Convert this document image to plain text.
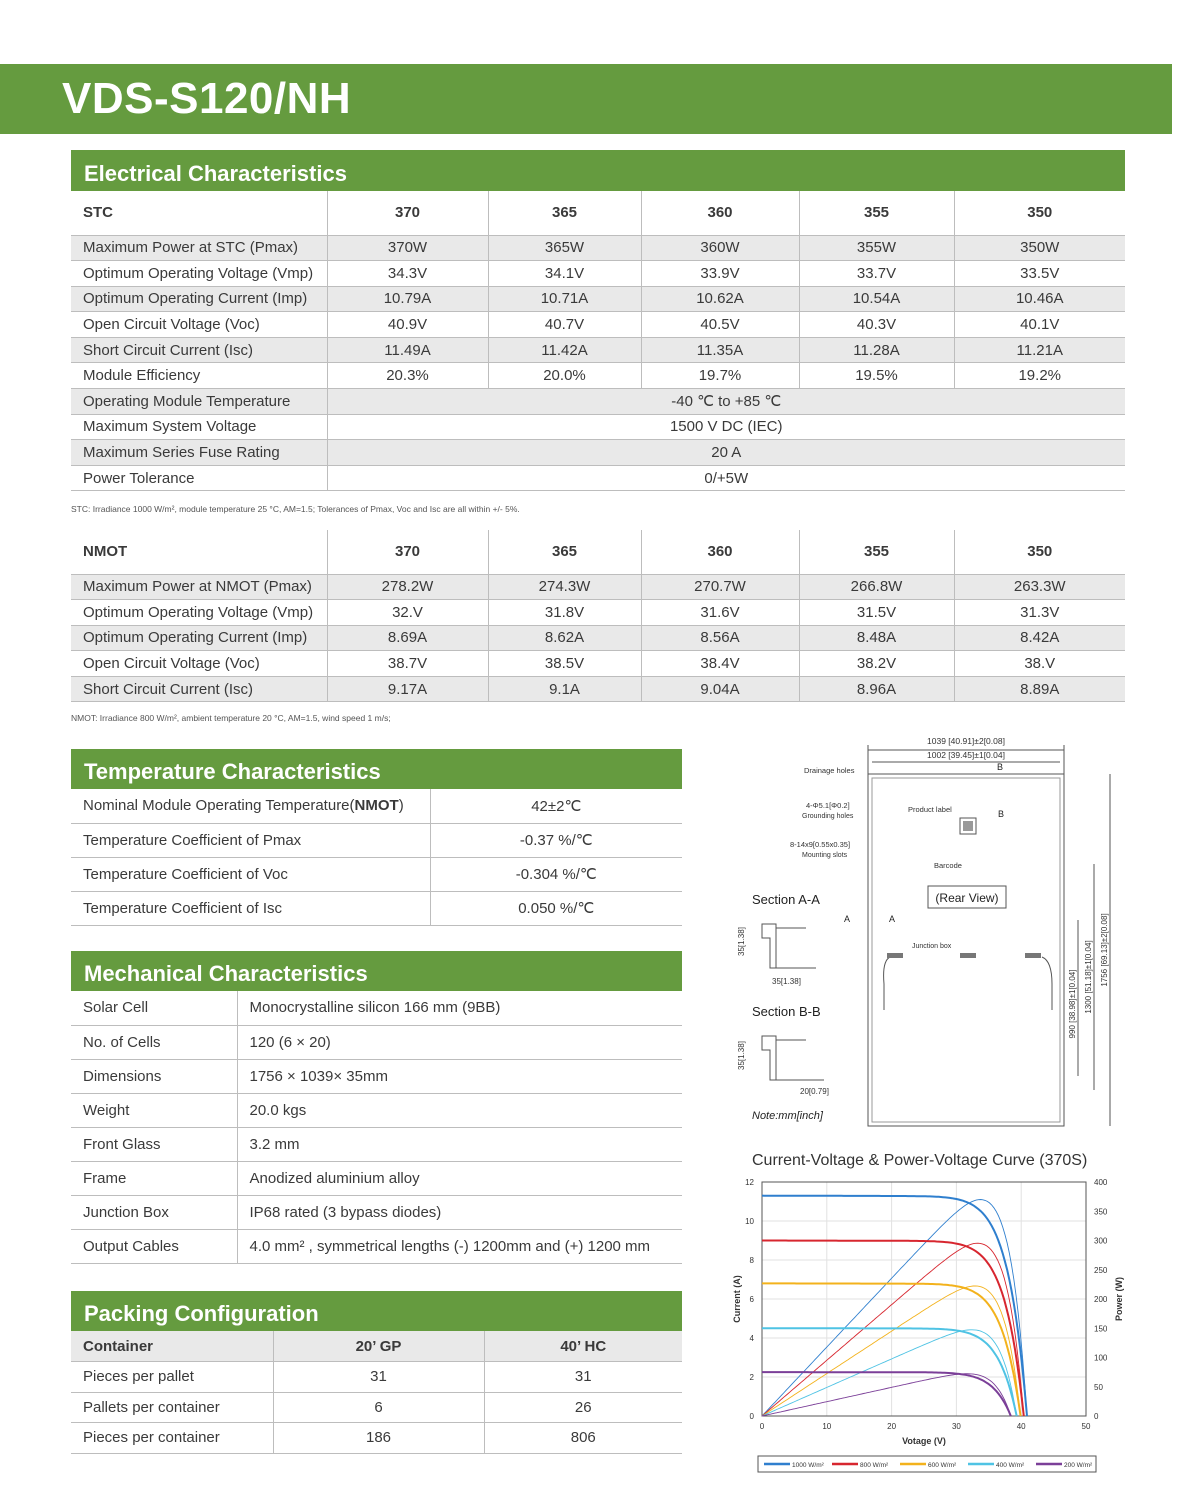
VDS-S120/NH
Electrical Characteristics
STC	370	365	360	355	350
Maximum Power at STC (Pmax)	370W	365W	360W	355W	350W
Optimum Operating Voltage (Vmp)	34.3V	34.1V	33.9V	33.7V	33.5V
Optimum Operating Current (Imp)	10.79A	10.71A	10.62A	10.54A	10.46A
Open Circuit Voltage (Voc)	40.9V	40.7V	40.5V	40.3V	40.1V
Short Circuit Current (Isc)	11.49A	11.42A	11.35A	11.28A	11.21A
Module Efficiency	20.3%	20.0%	19.7%	19.5%	19.2%
Operating Module Temperature	-40 ℃ to +85 ℃				
Maximum System Voltage	1500 V DC (IEC)				
Maximum Series Fuse Rating	20 A				
Power Tolerance	0/+5W				
STC: Irradiance 1000 W/m², module temperature 25 °C, AM=1.5; Tolerances of Pmax, Voc and Isc are all within +/- 5%.
NMOT	370	365	360	355	350
Maximum Power at NMOT (Pmax)	278.2W	274.3W	270.7W	266.8W	263.3W
Optimum Operating Voltage (Vmp)	32.V	31.8V	31.6V	31.5V	31.3V
Optimum Operating Current (Imp)	8.69A	8.62A	8.56A	8.48A	8.42A
Open Circuit Voltage (Voc)	38.7V	38.5V	38.4V	38.2V	38.V
Short Circuit Current (Isc)	9.17A	9.1A	9.04A	8.96A	8.89A
NMOT: Irradiance 800 W/m², ambient temperature 20 °C, AM=1.5, wind speed 1 m/s;
Temperature Characteristics
Nominal Module Operating Temperature(NMOT)	42±2℃
Temperature Coefficient of Pmax	-0.37 %/℃
Temperature Coefficient of Voc	-0.304 %/℃
Temperature Coefficient of Isc	0.050 %/℃
Mechanical Characteristics
Solar Cell	Monocrystalline silicon 166 mm (9BB)
No. of Cells	120 (6 × 20)
Dimensions	1756 × 1039× 35mm
Weight	20.0 kgs
Front Glass	3.2 mm
Frame	Anodized aluminium alloy
Junction Box	IP68 rated (3 bypass diodes)
Output Cables	4.0 mm² , symmetrical lengths (-) 1200mm and (+) 1200 mm
Packing Configuration
Container	20’ GP	40’ HC
Pieces per pallet	31	31
Pallets per container	6	26
Pieces per container	186	806
1039 [40.91]±2[0.08]
1002 [39.45]±1[0.04]
Drainage holes
4-Φ5.1[Φ0.2]
Grounding holes
Product label
8-14x9[0.55x0.35]
Mounting slots
Barcode
(Rear View)
Junction box
B
B
A	A
Section A-A
Section B-B
35[1.38]
35[1.38]
35[1.38]
20[0.79]
Note:mm[inch]
990 [38.98]±1[0.04] 1300 [51.18]±1[0.04] 1756 [69.13]±2[0.08]
Current-Voltage & Power-Voltage Curve (370S)
0	10	20	30	40	50
0
2
4
6
8
10
12
0
50
100
150
200
250
300
350
400
Votage (V)
Current (A)	Power (W)
1000 W/m²	800 W/m²	600 W/m²	400 W/m²	200 W/m²
